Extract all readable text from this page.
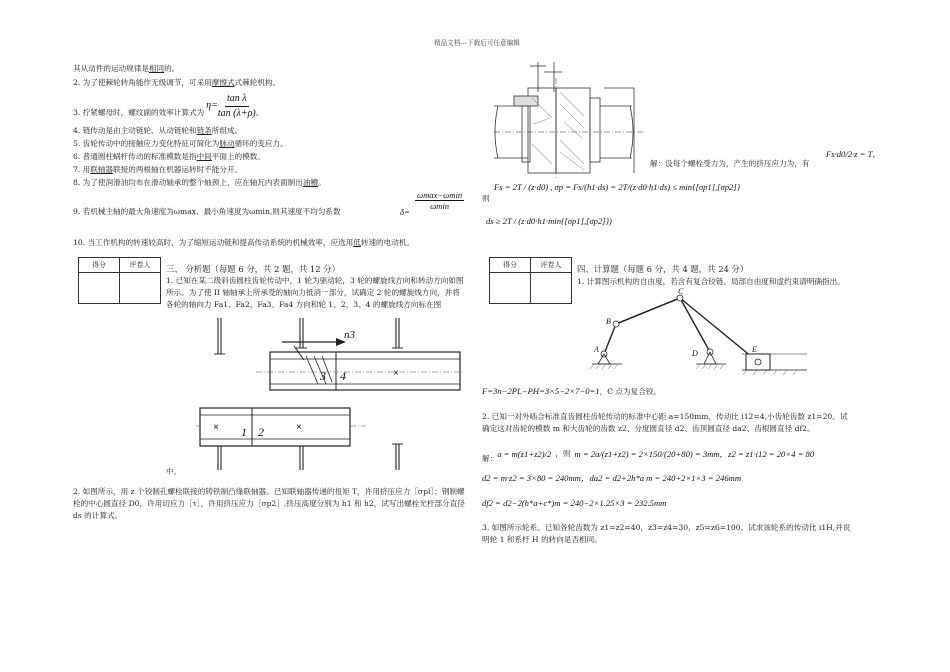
精品文档---下载后可任意编辑
其从动件的运动规律是相同的。
2. 为了使棘轮转角能作无级调节，可采用摩擦式式棘轮机构。
3. 拧紧螺母时，螺纹副的效率计算式为
$\eta= \frac{\text{tan λ}}{\tan (\lambda+\rho)}$ 。
4. 链传动是由主动链轮、从动链轮和链条所组成。
5. 齿轮传动中的接触应力变化特征可简化为脉动循环的变应力。
6. 普通圆柱蜗杆传动的标准模数是指中间平面上的模数。
7. 用联轴器联接的两根轴在机器运转时不能分开。
8. 为了使润滑油均布在滑动轴承的整个轴颈上，应在轴瓦内表面制出油槽。
9. 若机械主轴的最大角速度为ωmax、最小角速度为ωmin,则其速度不均匀系数	δ=
ωmax−ωmin
ωmin
10. 当工作机构的转速较高时，为了缩短运动链和提高传动系统的机械效率，应选用低转速的电动机。
得分	评卷人
	三、 分析题（每题 6 分，共 2 题，共 12 分）
1. 已知在某二级斜齿圆柱齿轮传动中，1 轮为驱动轮，3 轮的螺旋线方向和转动方向如图所示。为了使 II 轴轴承上所承受的轴向力抵消一部分，试确定 2 轮的螺旋线方向，并将各轮的轴向力 Fa1、Fa2、Fa3、Fa4 方向和轮 1、2、3、4 的螺旋线方向标在图
n3
3 4	×
× 1 2	×
中。
2. 如图所示，用 z 个铰制孔螺栓联接的铸铁制凸缘联轴器。已知联轴器传递的扭矩 T，许用挤压应力［σpl］；钢制螺栓的中心圆直径 D0，许用切应力［τ］，许用挤压应力［σp2］,挤压高度分别为 h1 和 h2，试写出螺栓光杆部分直径 ds 的计算式。
解：设每个螺栓受力为，产生的挤压应力为，有
Fs·d0/2·z = T，
则
Fs = 2T / (z·d0) , σp = Fs/(h1·ds) = 2T/(z·d0·h1·ds) ≤ min{[σp1],[σp2]}
ds ≥ 2T / (z·d0·h1·min{[σp1],[σp2]})
得分	评卷人
	四、计算题（每题 6 分，共 4 题，共 24 分）
1. 计算图示机构的自由度，若含有复合铰链、局部自由度和虚约束请明确指出。
C
B
A	D	E
F=3n−2PL−PH=3×5−2×7−0=1 ，C 点为复合铰。
2. 已知一对外啮合标准直齿圆柱齿轮传动的标准中心距 a=150mm，传动比 i12=4,小齿轮齿数 z1=20。试确定这对齿轮的模数 m 和大齿轮的齿数 z2、分度圆直径 d2、齿顶圆直径 da2、齿根圆直径 df2。
解： a = m(z1+z2)/2 ，则 m = 2a/(z1+z2) = 2×150/(20+80) = 3mm ，z2 = z1·i12 = 20×4 = 80
d2 = m·z2 = 3×80 = 240mm ，da2 = d2+2h*a m = 240+2×1×3 = 246mm
df2 = d2−2(h*a+c*)m = 240−2×1.25×3 = 232.5mm
3. 如图所示轮系。已知各轮齿数为 z1=z2=40，z3=z4=30，z5=z6=100。试求该轮系的传动比 i1H,并说明轮 1 和系杆 H 的转向是否相同。
